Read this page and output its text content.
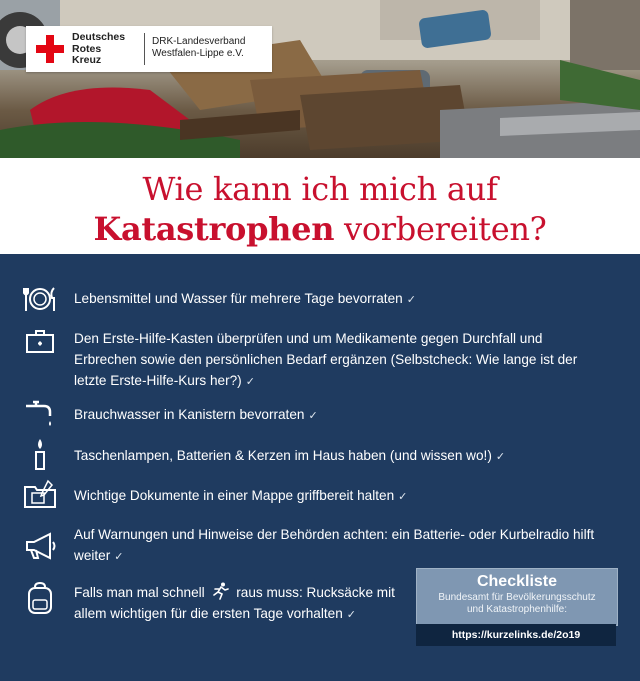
Deutsches
Rotes
Kreuz
DRK-Landesverband
Westfalen-Lippe e.V.
Wie kann ich mich auf
Katastrophen vorbereiten?
Lebensmittel und Wasser für mehrere Tage bevorraten ✓
Den Erste-Hilfe-Kasten überprüfen und um Medikamente gegen Durchfall und Erbrechen sowie den persönlichen Bedarf ergänzen (Selbstcheck: Wie lange ist der letzte Erste-Hilfe-Kurs her?) ✓
Brauchwasser in Kanistern bevorraten ✓
Taschenlampen, Batterien & Kerzen im Haus haben (und wissen wo!) ✓
Wichtige Dokumente in einer Mappe griffbereit halten ✓
Auf Warnungen und Hinweise der Behörden achten: ein Batterie- oder Kurbelradio hilft weiter ✓
Falls man mal schnell raus muss: Rucksäcke mit allem wichtigen für die ersten Tage vorhalten ✓
Checkliste
Bundesamt für Bevölkerungsschutz
und Katastrophenhilfe:
https://kurzelinks.de/2o19
